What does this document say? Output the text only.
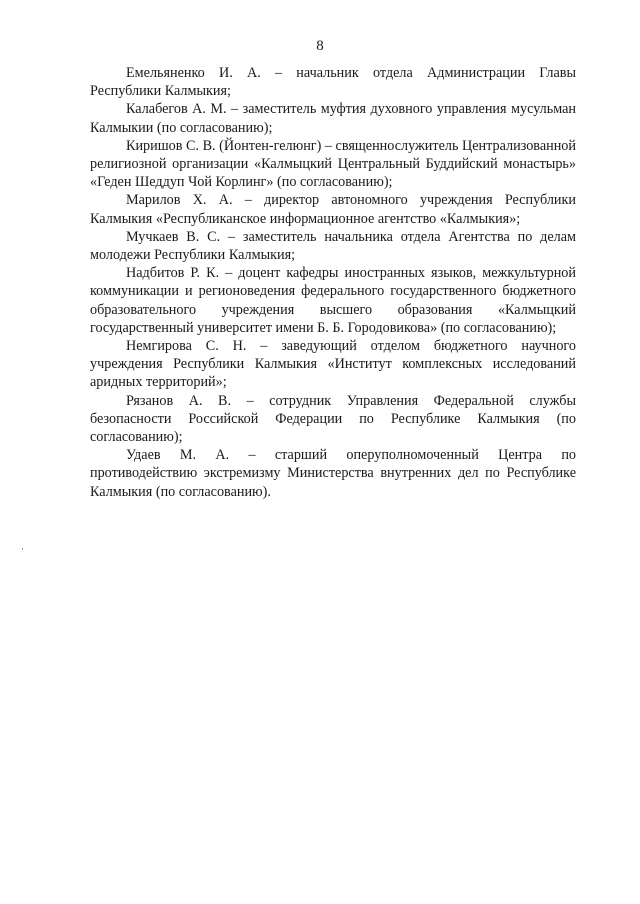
8

Емельяненко И. А. – начальник отдела Администрации Главы Республики Калмыкия;

Калабегов А. М. – заместитель муфтия духовного управления мусульман Калмыкии (по согласованию);

Киришов С. В. (Йонтен-гелюнг) – священнослужитель Централизованной религиозной организации «Калмыцкий Центральный Буддийский монастырь» «Геден Шеддуп Чой Корлинг» (по согласованию);

Марилов Х. А. – директор автономного учреждения Республики Калмыкия «Республиканское информационное агентство «Калмыкия»;

Мучкаев В. С. – заместитель начальника отдела Агентства по делам молодежи Республики Калмыкия;

Надбитов Р. К. – доцент кафедры иностранных языков, межкультурной коммуникации и регионоведения федерального государственного бюджетного образовательного учреждения высшего образования «Калмыцкий государственный университет имени Б. Б. Городовикова» (по согласованию);

Немгирова С. Н. – заведующий отделом бюджетного научного учреждения Республики Калмыкия «Институт комплексных исследований аридных территорий»;

Рязанов А. В. – сотрудник Управления Федеральной службы безопасности Российской Федерации по Республике Калмыкия (по согласованию);

Удаев М. А. – старший оперуполномоченный Центра по противодействию экстремизму Министерства внутренних дел по Республике Калмыкия (по согласованию).
